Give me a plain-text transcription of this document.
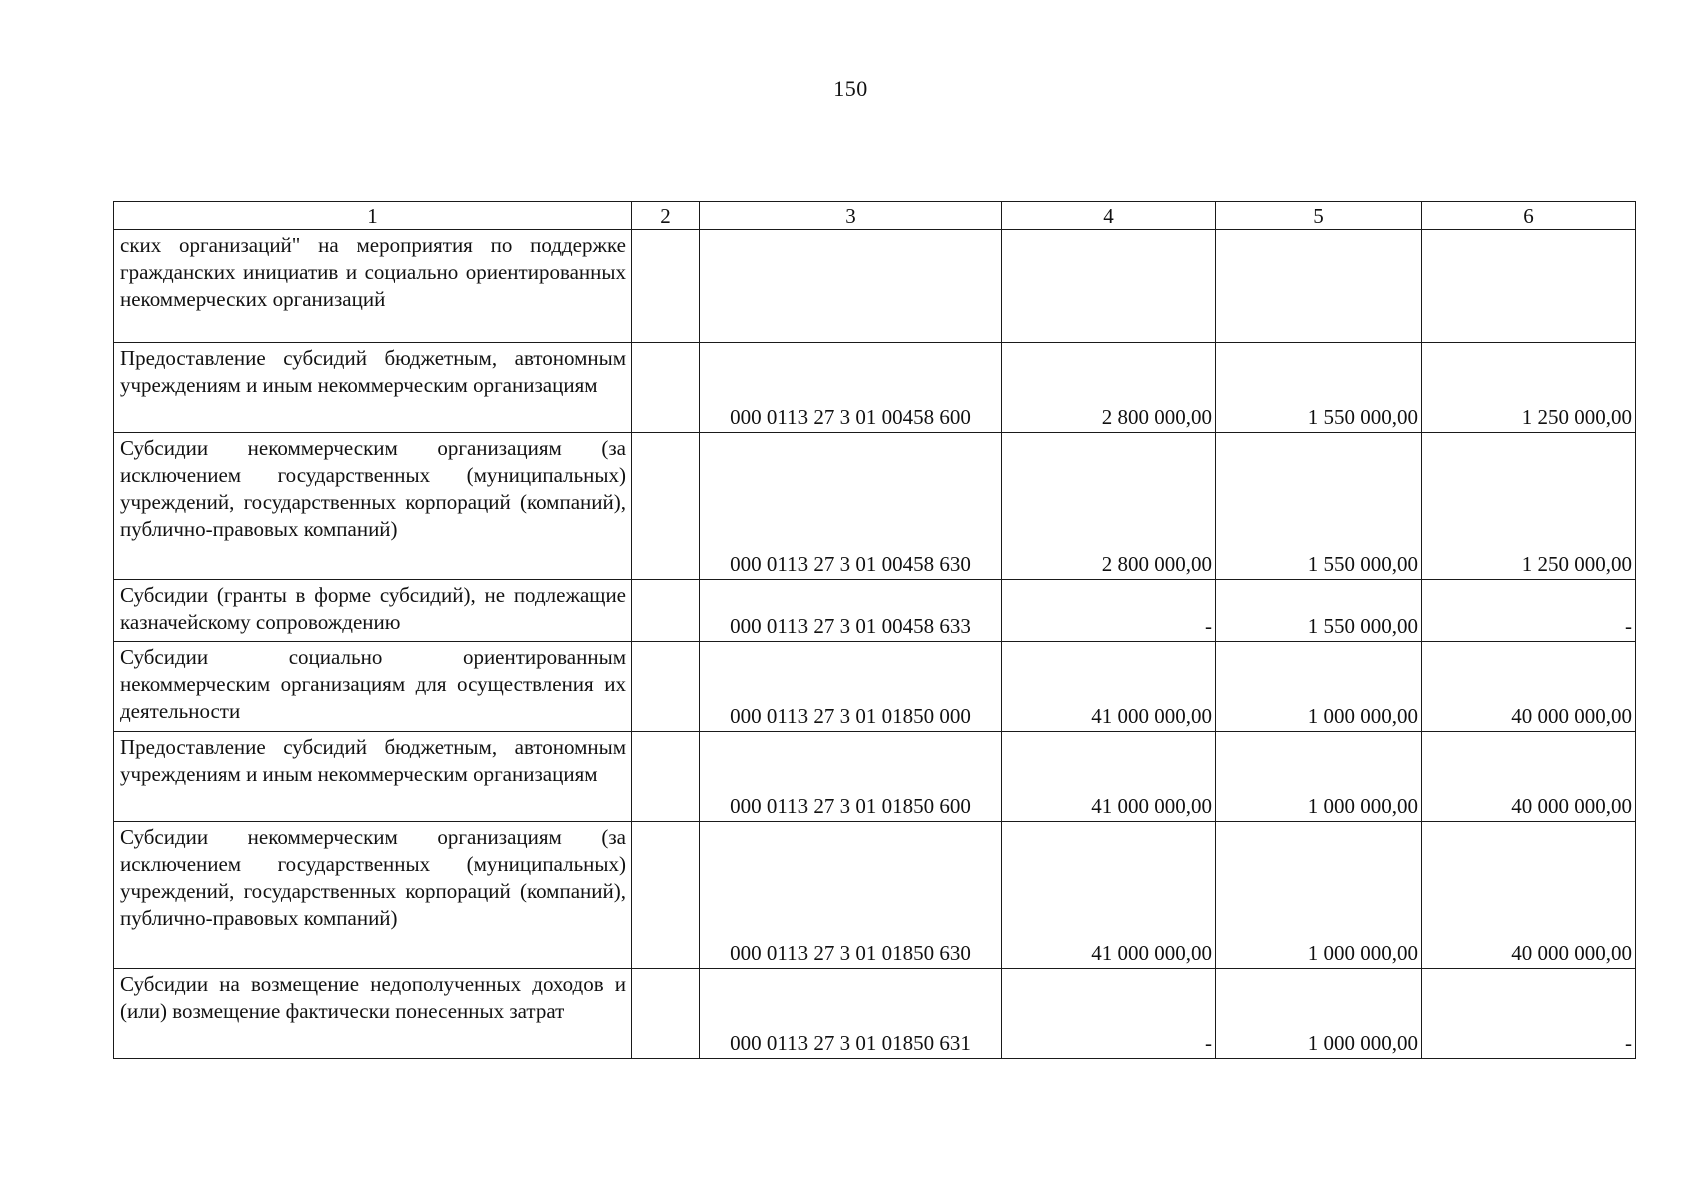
150
1	2	3	4	5	6
ских организаций" на мероприятия по поддержке гражданских инициатив и социально ориентированных некоммерческих организаций					
Предоставление субсидий бюджетным, автономным учреждениям и иным некоммерческим организациям		000 0113 27 3 01 00458 600	2 800 000,00	1 550 000,00	1 250 000,00
Субсидии некоммерческим организациям (за исключением государственных (муниципальных) учреждений, государственных корпораций (компаний), публично-правовых компаний)		000 0113 27 3 01 00458 630	2 800 000,00	1 550 000,00	1 250 000,00
Субсидии (гранты в форме субсидий), не подлежащие казначейскому сопровождению		000 0113 27 3 01 00458 633	-	1 550 000,00	-
Субсидии социально ориентированным некоммерческим организациям для осуществления их деятельности		000 0113 27 3 01 01850 000	41 000 000,00	1 000 000,00	40 000 000,00
Предоставление субсидий бюджетным, автономным учреждениям и иным некоммерческим организациям		000 0113 27 3 01 01850 600	41 000 000,00	1 000 000,00	40 000 000,00
Субсидии некоммерческим организациям (за исключением государственных (муниципальных) учреждений, государственных корпораций (компаний), публично-правовых компаний)		000 0113 27 3 01 01850 630	41 000 000,00	1 000 000,00	40 000 000,00
Субсидии на возмещение недополученных доходов и (или) возмещение фактически понесенных затрат		000 0113 27 3 01 01850 631	-	1 000 000,00	-
